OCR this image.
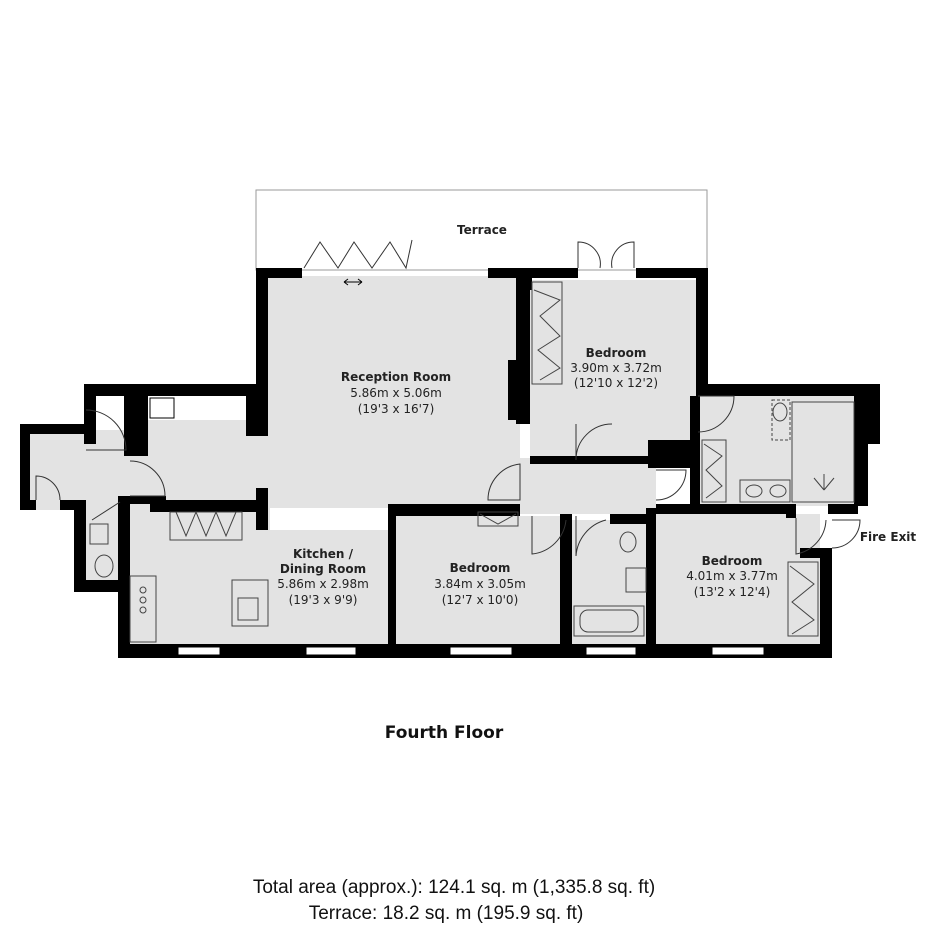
Terrace
Fire Exit
Reception Room
5.86m x 5.06m
(19'3 x 16'7)
Bedroom
3.90m x 3.72m
(12'10 x 12'2)
Kitchen /
Dining Room
5.86m x 2.98m
(19'3 x 9'9)
Bedroom
3.84m x 3.05m
(12'7 x 10'0)
Bedroom
4.01m x 3.77m
(13'2 x 12'4)
Fourth Floor
Total area (approx.): 124.1 sq. m (1,335.8 sq. ft)
Terrace: 18.2 sq. m (195.9 sq. ft)
